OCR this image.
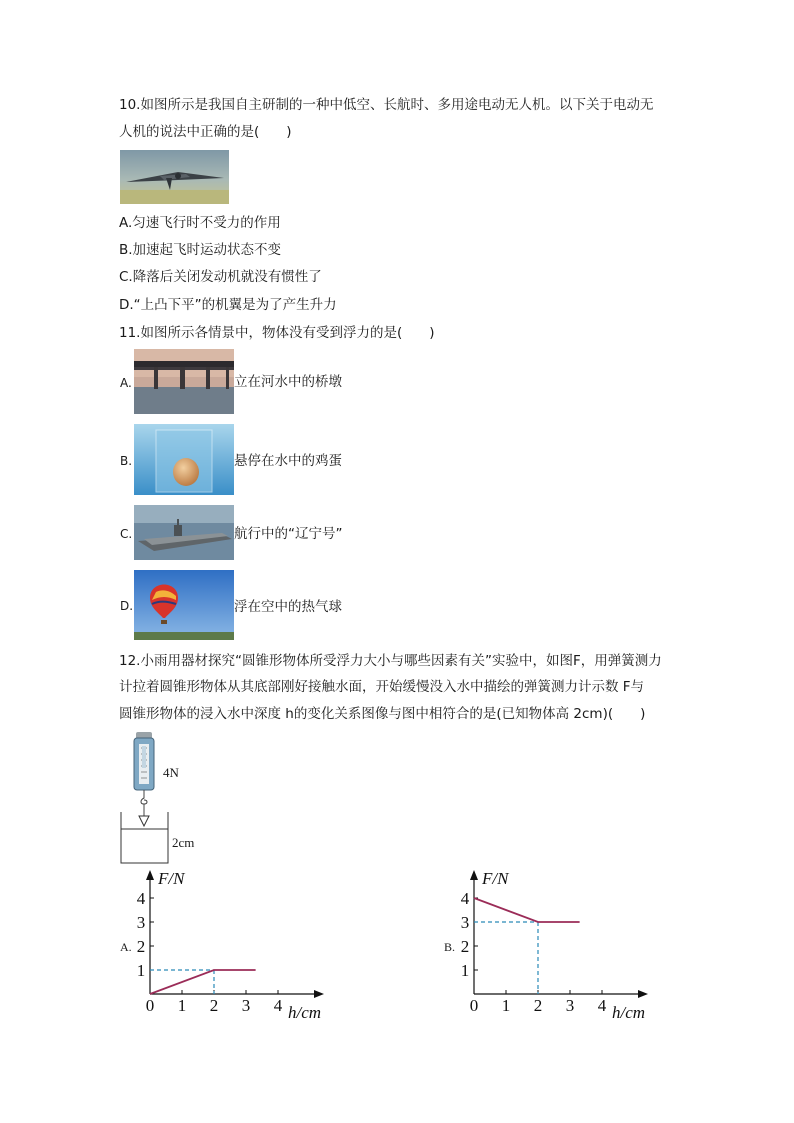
10.如图所示是我国自主研制的一种中低空、长航时、多用途电动无人机。以下关于电动无
人机的说法中正确的是(　　)
A.匀速飞行时不受力的作用
B.加速起飞时运动状态不变
C.降落后关闭发动机就没有惯性了
D.“上凸下平”的机翼是为了产生升力
11.如图所示各情景中，物体没有受到浮力的是(　　)
A.	立在河水中的桥墩
B.	悬停在水中的鸡蛋
C.	航行中的“辽宁号”
D.	浮在空中的热气球
12.小雨用器材探究“圆锥形物体所受浮力大小与哪些因素有关”实验中，如图F，用弹簧测力
计拉着圆锥形物体从其底部刚好接触水面，开始缓慢没入水中描绘的弹簧测力计示数 F与
圆锥形物体的浸入水中深度 h的变化关系图像与图中相符合的是(已知物体高 2cm)(　　)
4N
2cm
A.
0 1 2 3 4
1
2
3
4
F/N
h/cm
B.
0 1 2 3 4
1
2
3
4
F/N
h/cm
